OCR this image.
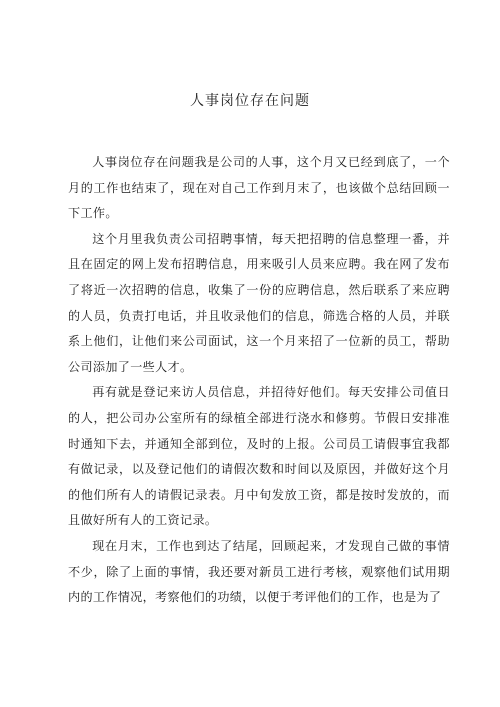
人事岗位存在问题

人事岗位存在问题我是公司的人事，这个月又已经到底了，一个月的工作也结束了，现在对自己工作到月末了，也该做个总结回顾一下工作。

这个月里我负责公司招聘事情，每天把招聘的信息整理一番，并且在固定的网上发布招聘信息，用来吸引人员来应聘。我在网了发布了将近一次招聘的信息，收集了一份的应聘信息，然后联系了来应聘的人员，负责打电话，并且收录他们的信息，筛选合格的人员，并联系上他们，让他们来公司面试，这一个月来招了一位新的员工，帮助公司添加了一些人才。

再有就是登记来访人员信息，并招待好他们。每天安排公司值日的人，把公司办公室所有的绿植全部进行浇水和修剪。节假日安排准时通知下去，并通知全部到位，及时的上报。公司员工请假事宜我都有做记录，以及登记他们的请假次数和时间以及原因，并做好这个月的他们所有人的请假记录表。月中旬发放工资，都是按时发放的，而且做好所有人的工资记录。

现在月末，工作也到达了结尾，回顾起来，才发现自己做的事情不少，除了上面的事情，我还要对新员工进行考核，观察他们试用期内的工作情况，考察他们的功绩，以便于考评他们的工作，也是为了
